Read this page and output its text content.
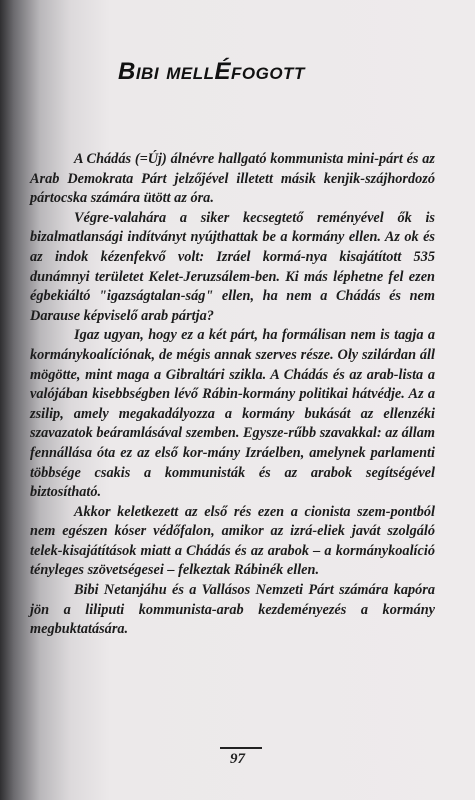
Bibi mellÉfogott

A Chádás (=Új) álnévre hallgató kommunista mini-párt és az Arab Demokrata Párt jelzőjével illetett másik kenjik-szájhordozó pártocska számára ütött az óra.

Végre-valahára a siker kecsegtető reményével ők is bizalmatlansági indítványt nyújthattak be a kormány ellen. Az ok és az indok kézenfekvő volt: Izráel kormá-nya kisajátított 535 dunámnyi területet Kelet-Jeruzsálem-ben. Ki más léphetne fel ezen égbekiáltó "igazságtalan-ság" ellen, ha nem a Chádás és nem Darause képviselő arab pártja?

Igaz ugyan, hogy ez a két párt, ha formálisan nem is tagja a kormánykoalíciónak, de mégis annak szerves része. Oly szilárdan áll mögötte, mint maga a Gibraltári szikla. A Chádás és az arab-lista a valójában kisebbségben lévő Rábin-kormány politikai hátvédje. Az a zsilip, amely megakadályozza a kormány bukását az ellenzéki szavazatok beáramlásával szemben. Egysze-rűbb szavakkal: az állam fennállása óta ez az első kor-mány Izráelben, amelynek parlamenti többsége csakis a kommunisták és az arabok segítségével biztosítható.

Akkor keletkezett az első rés ezen a cionista szem-pontból nem egészen kóser védőfalon, amikor az izrá-eliek javát szolgáló telek-kisajátítások miatt a Chádás és az arabok – a kormánykoalíció tényleges szövetségesei – felkeztak Rábinék ellen.

Bibi Netanjáhu és a Vallásos Nemzeti Párt számára kapóra jön a liliputi kommunista-arab kezdeményezés a kormány megbuktatására.

97
